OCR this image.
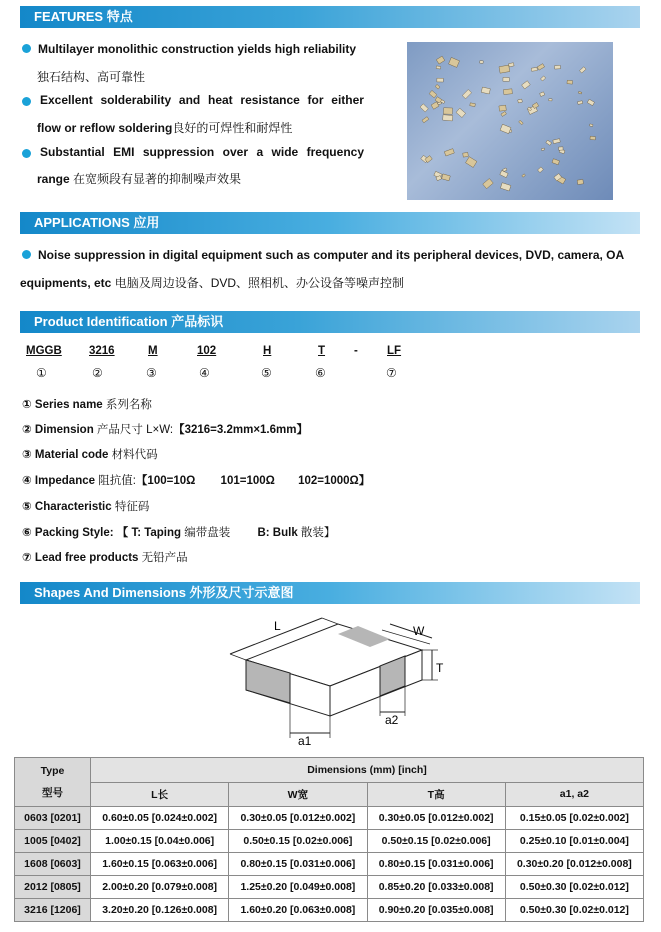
FEATURES 特点
Multilayer monolithic construction yields high reliability
独石结构、高可靠性
Excellent solderability and heat resistance for either
flow or reflow soldering良好的可焊性和耐焊性
Substantial EMI suppression over a wide frequency
range 在宽频段有显著的抑制噪声效果
APPLICATIONS 应用
Noise suppression in digital equipment such as computer and its peripheral devices, DVD, camera, OA
equipments, etc 电脑及周边设备、DVD、照相机、办公设备等噪声控制
Product Identification 产品标识
MGGB 3216	M	102	H	T	-	LF
①	②	③	④	⑤	⑥	⑦
① Series name 系列名称
② Dimension 产品尺寸 L×W:【3216=3.2mm×1.6mm】
③ Material code 材料代码
④ Impedance 阻抗值:【100=10Ω 101=100Ω 102=1000Ω】
⑤ Characteristic 特征码
⑥ Packing Style: 【 T: Taping 编带盘装 B: Bulk 散装】
⑦ Lead free products 无铅产品
Shapes And Dimensions 外形及尺寸示意图
L	W
T
a2
a1
Type
型号	Dimensions (mm) [inch]			
	L长	W宽	T高	a1, a2
0603 [0201]	0.60±0.05 [0.024±0.002]	0.30±0.05 [0.012±0.002]	0.30±0.05 [0.012±0.002]	0.15±0.05 [0.02±0.002]
1005 [0402]	1.00±0.15 [0.04±0.006]	0.50±0.15 [0.02±0.006]	0.50±0.15 [0.02±0.006]	0.25±0.10 [0.01±0.004]
1608 [0603]	1.60±0.15 [0.063±0.006]	0.80±0.15 [0.031±0.006]	0.80±0.15 [0.031±0.006]	0.30±0.20 [0.012±0.008]
2012 [0805]	2.00±0.20 [0.079±0.008]	1.25±0.20 [0.049±0.008]	0.85±0.20 [0.033±0.008]	0.50±0.30 [0.02±0.012]
3216 [1206]	3.20±0.20 [0.126±0.008]	1.60±0.20 [0.063±0.008]	0.90±0.20 [0.035±0.008]	0.50±0.30 [0.02±0.012]
